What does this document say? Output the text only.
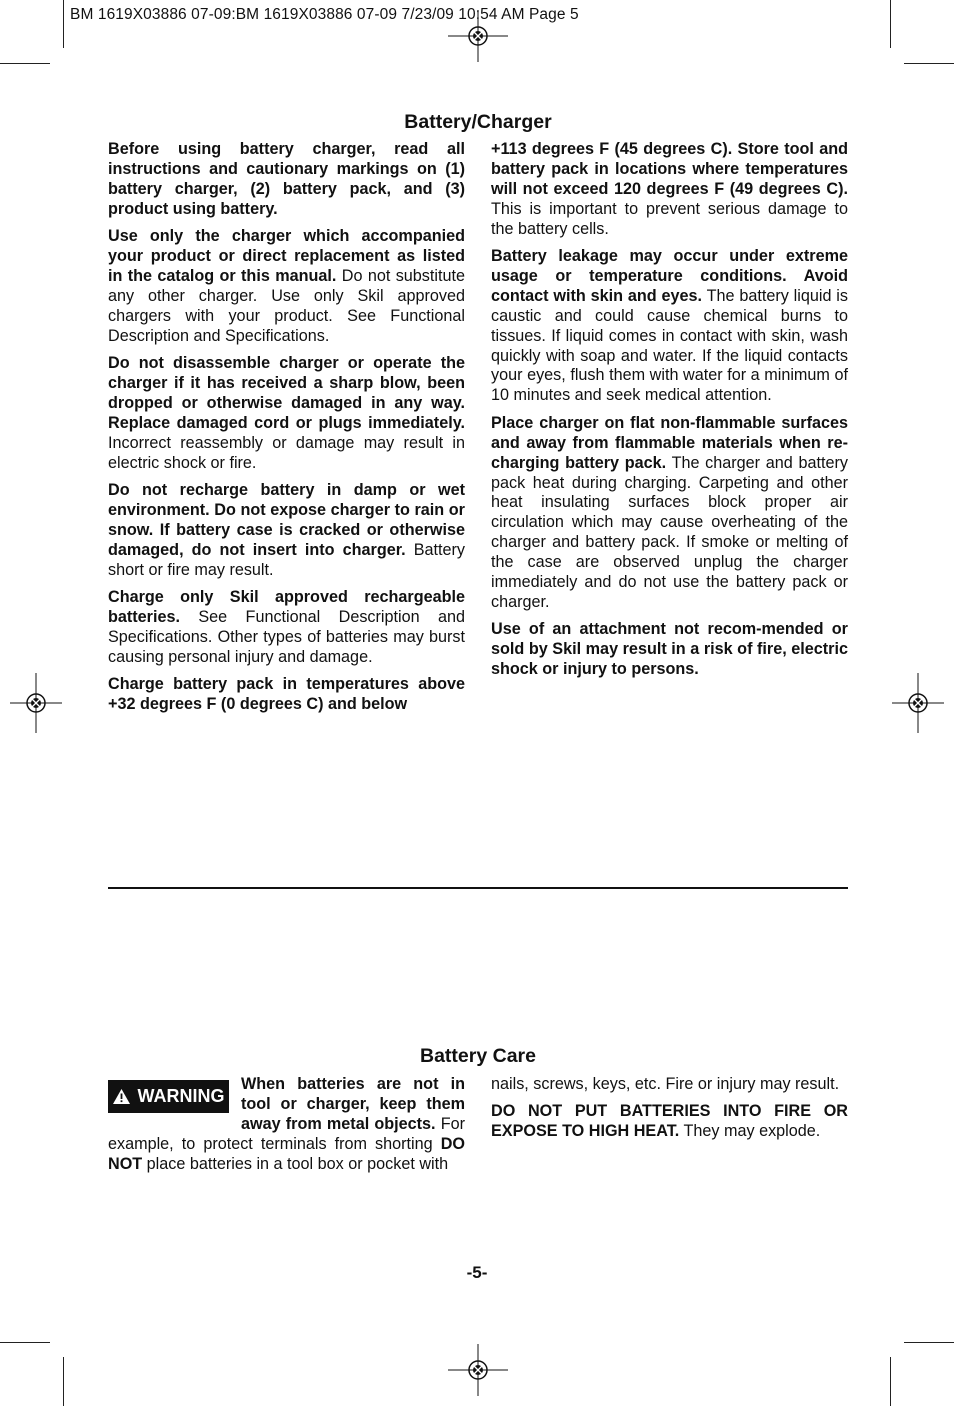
BM 1619X03886 07-09:BM 1619X03886 07-09 7/23/09 10:54 AM Page 5
Battery/Charger

Before using battery charger, read all instructions and cautionary markings on (1) battery charger, (2) battery pack, and (3) product using battery.

Use only the charger which accompanied your product or direct replacement as listed in the catalog or this manual. Do not substitute any other charger. Use only Skil approved chargers with your product. See Functional Description and Specifications.

Do not disassemble charger or operate the charger if it has received a sharp blow, been dropped or otherwise damaged in any way. Replace damaged cord or plugs immediately. Incorrect reassembly or damage may result in electric shock or fire.

Do not recharge battery in damp or wet environment. Do not expose charger to rain or snow. If battery case is cracked or otherwise damaged, do not insert into charger. Battery short or fire may result.

Charge only Skil approved rechargeable batteries. See Functional Description and Specifications. Other types of batteries may burst causing personal injury and damage.

Charge battery pack in temperatures above +32 degrees F (0 degrees C) and below

+113 degrees F (45 degrees C). Store tool and battery pack in locations where temperatures will not exceed 120 degrees F (49 degrees C). This is important to prevent serious damage to the battery cells.

Battery leakage may occur under extreme usage or temperature conditions. Avoid contact with skin and eyes. The battery liquid is caustic and could cause chemical burns to tissues. If liquid comes in contact with skin, wash quickly with soap and water. If the liquid contacts your eyes, flush them with water for a minimum of 10 minutes and seek medical attention.

Place charger on flat non-flammable surfaces and away from flammable materials when re-charging battery pack. The charger and battery pack heat during charging. Carpeting and other heat insulating surfaces block proper air circulation which may cause overheating of the charger and battery pack. If smoke or melting of the case are observed unplug the charger immediately and do not use the battery pack or charger.

Use of an attachment not recom-mended or sold by Skil may result in a risk of fire, electric shock or injury to persons.

Battery Care
WARNING

When batteries are not in tool or charger, keep them away from metal objects. For example, to protect terminals from shorting DO NOT place batteries in a tool box or pocket with

nails, screws, keys, etc. Fire or injury may result.

DO NOT PUT BATTERIES INTO FIRE OR EXPOSE TO HIGH HEAT. They may explode.

-5-
